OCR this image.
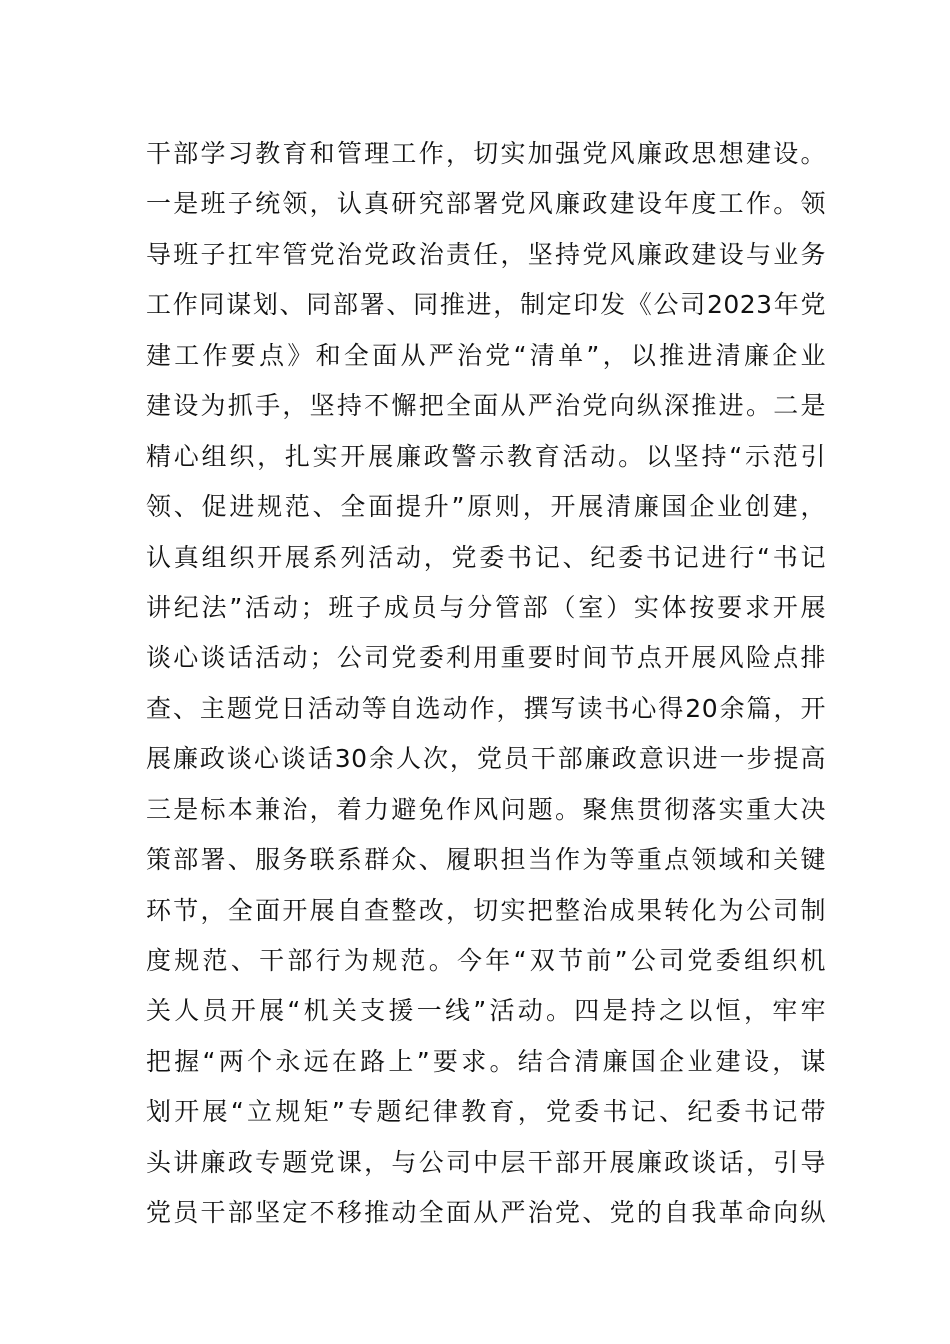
干部学习教育和管理工作，切实加强党风廉政思想建设。
一是班子统领，认真研究部署党风廉政建设年度工作。领
导班子扛牢管党治党政治责任，坚持党风廉政建设与业务
工作同谋划、同部署、同推进，制定印发《公司2023年党
建工作要点》和全面从严治党“清单”，以推进清廉企业
建设为抓手，坚持不懈把全面从严治党向纵深推进。二是
精心组织，扎实开展廉政警示教育活动。以坚持“示范引
领、促进规范、全面提升”原则，开展清廉国企业创建，
认真组织开展系列活动，党委书记、纪委书记进行“书记
讲纪法”活动；班子成员与分管部（室）实体按要求开展
谈心谈话活动；公司党委利用重要时间节点开展风险点排
查、主题党日活动等自选动作，撰写读书心得20余篇，开
展廉政谈心谈话30余人次，党员干部廉政意识进一步提高
三是标本兼治，着力避免作风问题。聚焦贯彻落实重大决
策部署、服务联系群众、履职担当作为等重点领域和关键
环节，全面开展自查整改，切实把整治成果转化为公司制
度规范、干部行为规范。今年“双节前”公司党委组织机
关人员开展“机关支援一线”活动。四是持之以恒，牢牢
把握“两个永远在路上”要求。结合清廉国企业建设，谋
划开展“立规矩”专题纪律教育，党委书记、纪委书记带
头讲廉政专题党课，与公司中层干部开展廉政谈话，引导
党员干部坚定不移推动全面从严治党、党的自我革命向纵
